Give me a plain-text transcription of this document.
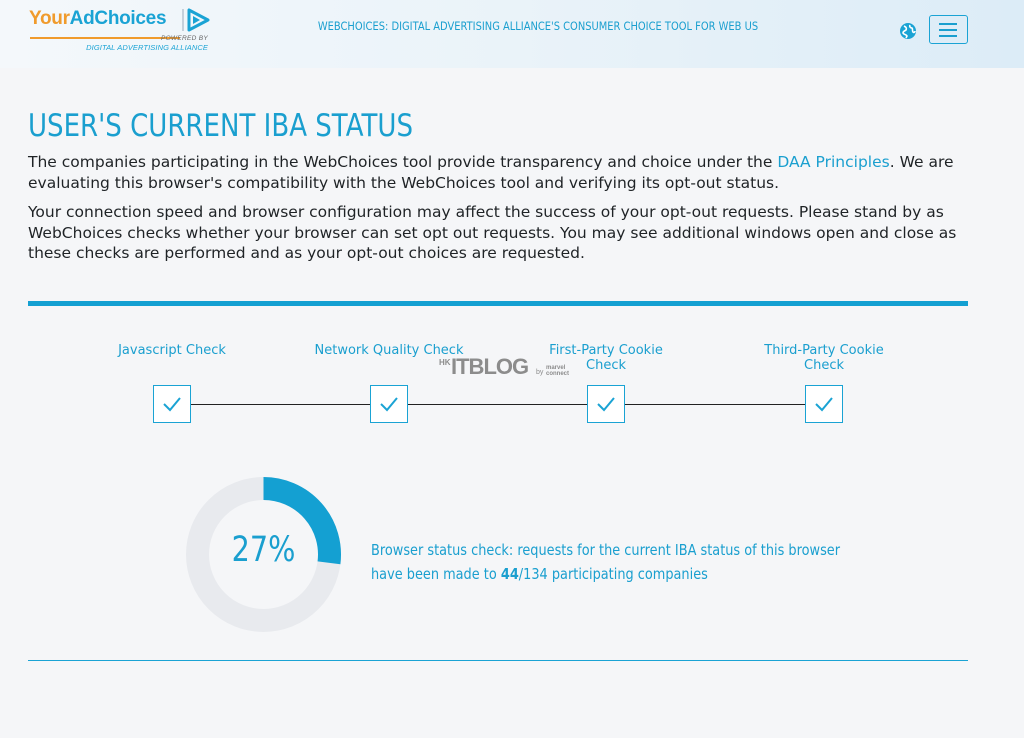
YourAdChoices
POWERED BY
DIGITAL ADVERTISING ALLIANCE
WEBCHOICES: DIGITAL ADVERTISING ALLIANCE'S CONSUMER CHOICE TOOL FOR WEB US
USER'S CURRENT IBA STATUS

The companies participating in the WebChoices tool provide transparency and choice under the DAA Principles. We are evaluating this browser's compatibility with the WebChoices tool and verifying its opt-out status.

Your connection speed and browser configuration may affect the success of your opt-out requests. Please stand by as WebChoices checks whether your browser can set opt out requests. You may see additional windows open and close as these checks are performed and as your opt-out choices are requested.

Javascript Check	Network Quality Check	First-Party Cookie Check
Third-Party Cookie Check
HK ITBLOG by
marvel connect
27%	Browser status check: requests for the current IBA status of this browser
have been made to 44/134 participating companies
